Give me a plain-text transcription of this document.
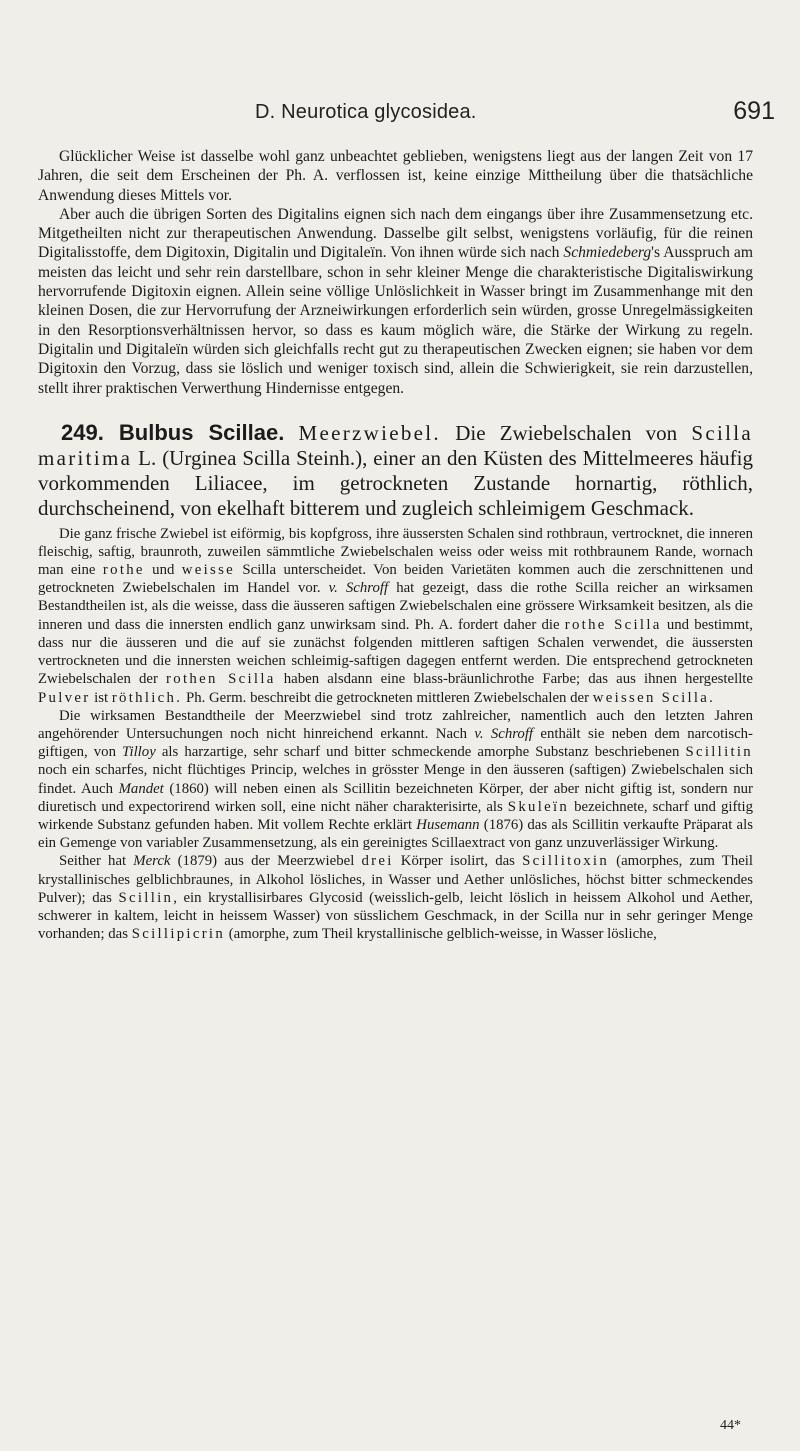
D. Neurotica glycosidea.	691

Glücklicher Weise ist dasselbe wohl ganz unbeachtet geblieben, wenigstens liegt aus der langen Zeit von 17 Jahren, die seit dem Erscheinen der Ph. A. verflossen ist, keine einzige Mittheilung über die thatsächliche Anwendung dieses Mittels vor.

Aber auch die übrigen Sorten des Digitalins eignen sich nach dem eingangs über ihre Zusammensetzung etc. Mitgetheilten nicht zur therapeutischen Anwendung. Dasselbe gilt selbst, wenigstens vorläufig, für die reinen Digitalisstoffe, dem Digitoxin, Digitalin und Digitaleïn. Von ihnen würde sich nach Schmiedeberg's Ausspruch am meisten das leicht und sehr rein darstellbare, schon in sehr kleiner Menge die charakteristische Digitaliswirkung hervorrufende Digitoxin eignen. Allein seine völlige Unlöslichkeit in Wasser bringt im Zusammenhange mit den kleinen Dosen, die zur Hervorrufung der Arzneiwirkungen erforderlich sein würden, grosse Unregelmässigkeiten in den Resorptionsverhältnissen hervor, so dass es kaum möglich wäre, die Stärke der Wirkung zu regeln. Digitalin und Digitaleïn würden sich gleichfalls recht gut zu therapeutischen Zwecken eignen; sie haben vor dem Digitoxin den Vorzug, dass sie löslich und weniger toxisch sind, allein die Schwierigkeit, sie rein darzustellen, stellt ihrer praktischen Verwerthung Hindernisse entgegen.

249. Bulbus Scillae. Meerzwiebel. Die Zwiebelschalen von Scilla maritima L. (Urginea Scilla Steinh.), einer an den Küsten des Mittelmeeres häufig vorkommenden Liliacee, im getrockneten Zustande hornartig, röthlich, durchscheinend, von ekelhaft bitterem und zugleich schleimigem Geschmack.

Die ganz frische Zwiebel ist eiförmig, bis kopfgross, ihre äussersten Schalen sind rothbraun, vertrocknet, die inneren fleischig, saftig, braunroth, zuweilen sämmtliche Zwiebelschalen weiss oder weiss mit rothbraunem Rande, wornach man eine rothe und weisse Scilla unterscheidet. Von beiden Varietäten kommen auch die zerschnittenen und getrockneten Zwiebelschalen im Handel vor. v. Schroff hat gezeigt, dass die rothe Scilla reicher an wirksamen Bestandtheilen ist, als die weisse, dass die äusseren saftigen Zwiebelschalen eine grössere Wirksamkeit besitzen, als die inneren und dass die innersten endlich ganz unwirksam sind. Ph. A. fordert daher die rothe Scilla und bestimmt, dass nur die äusseren und die auf sie zunächst folgenden mittleren saftigen Schalen verwendet, die äussersten vertrockneten und die innersten weichen schleimig-saftigen dagegen entfernt werden. Die entsprechend getrockneten Zwiebelschalen der rothen Scilla haben alsdann eine blass-bräunlichrothe Farbe; das aus ihnen hergestellte Pulver ist röthlich. Ph. Germ. beschreibt die getrockneten mittleren Zwiebelschalen der weissen Scilla.

Die wirksamen Bestandtheile der Meerzwiebel sind trotz zahlreicher, namentlich auch den letzten Jahren angehörender Untersuchungen noch nicht hinreichend erkannt. Nach v. Schroff enthält sie neben dem narcotisch-giftigen, von Tilloy als harzartige, sehr scharf und bitter schmeckende amorphe Substanz beschriebenen Scillitin noch ein scharfes, nicht flüchtiges Princip, welches in grösster Menge in den äusseren (saftigen) Zwiebelschalen sich findet. Auch Mandet (1860) will neben einen als Scillitin bezeichneten Körper, der aber nicht giftig ist, sondern nur diuretisch und expectorirend wirken soll, eine nicht näher charakterisirte, als Skuleïn bezeichnete, scharf und giftig wirkende Substanz gefunden haben. Mit vollem Rechte erklärt Husemann (1876) das als Scillitin verkaufte Präparat als ein Gemenge von variabler Zusammensetzung, als ein gereinigtes Scillaextract von ganz unzuverlässiger Wirkung.

Seither hat Merck (1879) aus der Meerzwiebel drei Körper isolirt, das Scillitoxin (amorphes, zum Theil krystallinisches gelblichbraunes, in Alkohol lösliches, in Wasser und Aether unlösliches, höchst bitter schmeckendes Pulver); das Scillin, ein krystallisirbares Glycosid (weisslich-gelb, leicht löslich in heissem Alkohol und Aether, schwerer in kaltem, leicht in heissem Wasser) von süsslichem Geschmack, in der Scilla nur in sehr geringer Menge vorhanden; das Scillipicrin (amorphe, zum Theil krystallinische gelblich-weisse, in Wasser lösliche,

44*
